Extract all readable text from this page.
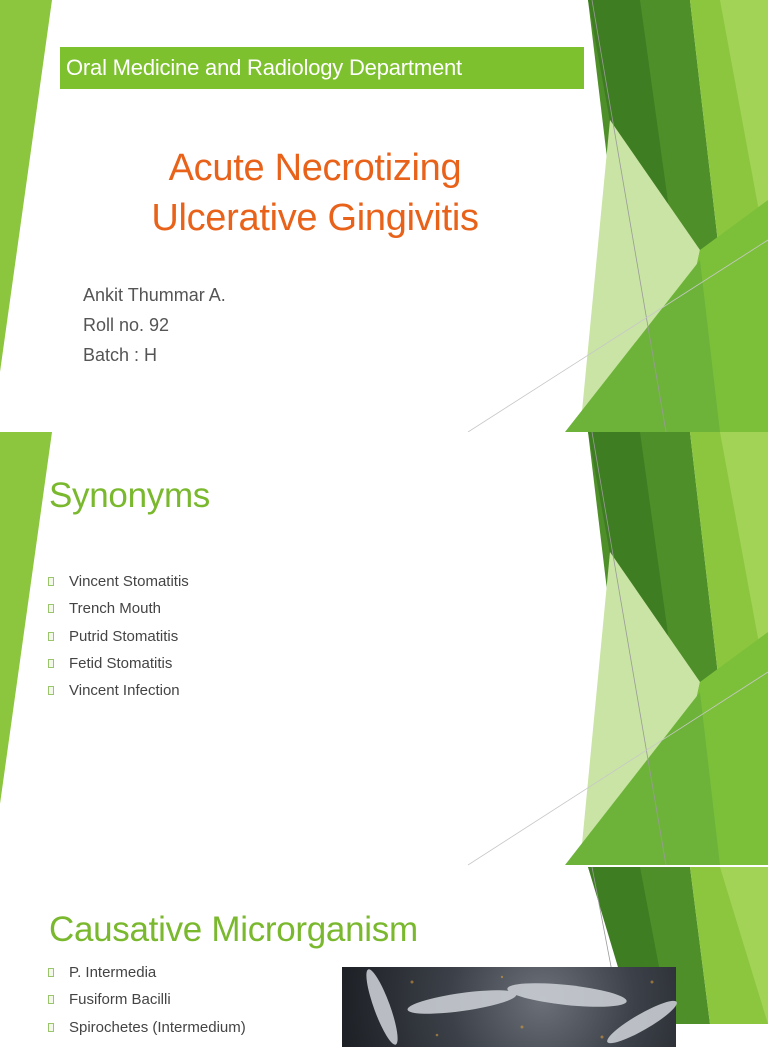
Oral Medicine and Radiology Department
Acute Necrotizing
Ulcerative Gingivitis
Ankit Thummar A.
Roll no. 92
Batch : H
Synonyms
Vincent Stomatitis
Trench Mouth
Putrid Stomatitis
Fetid Stomatitis
Vincent Infection
Causative Microrganism
P. Intermedia
Fusiform Bacilli
Spirochetes (Intermedium)
